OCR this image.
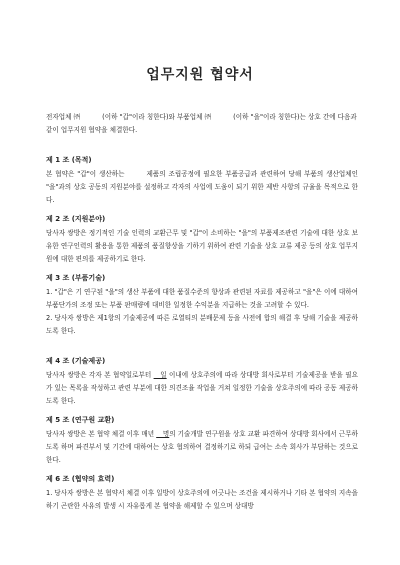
업무지원 협약서

전자업체 ㈜	(이하 "갑"이라 칭한다)와 부품업체 ㈜	(이하 "을"이라 칭한다)는 상호 간에 다음과 같이 업무지원 협약을 체결한다.

제 1 조 (목적)

본 협약은 "갑"이 생산하는	제품의 조립공정에 필요한 부품공급과 관련하여 당해 부품의 생산업체인 "을"과의 상호 공동의 지원분야를 설정하고 각자의 사업에 도움이 되기 위한 제반 사항의 규율을 목적으로 한다.

제 2 조 (지원분야)

당사자 쌍방은 정기적인 기술 인력의 교환근무 및 "갑"이 소비하는 "을"의 부품제조관련 기술에 대한 상호 보유한 연구인력의 활용을 통한 제품의 품질향상을 기하기 위하여 관련 기술을 상호 교류 제공 등의 상호 업무지원에 대한 편의를 제공하기로 한다.

제 3 조 (부품기술)

1. "갑"은 기 연구된 "을"의 생산 부품에 대한 품질수준의 향상과 관련된 자료를 제공하고 "을"은 이에 대하여 부품단가의 조정 또는 부품 판매량에 대비한 일정한 수익분을 지급하는 것을 고려할 수 있다.

2. 당사자 쌍방은 제1항의 기술제공에 따른 로열티의 분배문제 등을 사전에 합의 해결 후 당해 기술을 제공하도록 한다.

제 4 조 (기술제공)

당사자 쌍방은 각자 본 협약일로부터 __일 이내에 상호주의에 따라 상대방 회사로부터 기술제공을 받을 필요가 있는 목록을 작성하고 관련 부분에 대한 의견조율 작업을 거쳐 일정한 기술을 상호주의에 따라 공동 제공하도록 한다.

제 5 조 (연구원 교환)

당사자 쌍방은 본 협약 체결 이후 매년 __명의 기술개발 연구원을 상호 교환 파견하여 상대방 회사에서 근무하도록 하며 파견부서 및 기간에 대하여는 상호 협의하여 결정하기로 하되 급여는 소속 회사가 부담하는 것으로 한다.

제 6 조 (협약의 효력)

1. 당사자 쌍방은 본 협약서 체결 이후 일방이 상호주의에 어긋나는 조건을 제시하거나 기타 본 협약의 지속을 하기 곤란한 사유의 발생 시 자유롭게 본 협약을 해제할 수 있으며 상대방
